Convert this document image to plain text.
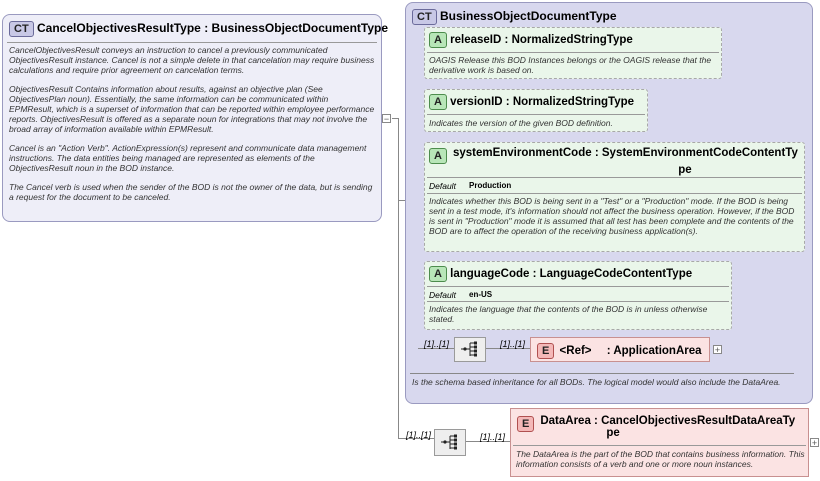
CT CancelObjectivesResultType : BusinessObjectDocumentType

CancelObjectivesResult conveys an instruction to cancel a previously communicated ObjectivesResult instance. Cancel is not a simple delete in that cancelation may require business calculations and require prior agreement on cancelation terms.

ObjectivesResult Contains information about results, against an objective plan (See ObjectivesPlan noun). Essentially, the same information can be communicated within EPMResult, which is a superset of information that can be reported within employee performance reports. ObjectivesResult is offered as a separate noun for integrations that may not involve the broad array of information available within EPMResult.

Cancel is an "Action Verb". ActionExpression(s) represent and communicate data management instructions. The data entities being managed are represented as elements of the ObjectivesResult noun in the BOD instance.

The Cancel verb is used when the sender of the BOD is not the owner of the data, but is sending a request for the document to be canceled.

−
CT BusinessObjectDocumentType
Is the schema based inheritance for all BODs. The logical model would also include the DataArea.
A releaseID : NormalizedStringType
OAGIS Release this BOD Instances belongs or the OAGIS release that the derivative work is based on.
A versionID : NormalizedStringType
Indicates the version of the given BOD definition.
A systemEnvironmentCode : SystemEnvironmentCodeContentTy
pe
Default Production
Indicates whether this BOD is being sent in a "Test" or a "Production" mode. If the BOD is being sent in a test mode, it's information should not affect the business operation. However, if the BOD is sent in "Production" mode it is assumed that all test has been complete and the contents of the BOD are to affect the operation of the receiving business application(s).
A languageCode : LanguageCodeContentType
Default en-US
Indicates the language that the contents of the BOD is in unless otherwise stated.
[1]..[1]	[1]..[1]
E <Ref> : ApplicationArea +
[1]..[1]	[1]..[1]
E DataArea : CancelObjectivesResultDataAreaTy
pe
The DataArea is the part of the BOD that contains business information. This information consists of a verb and one or more noun instances.
+
